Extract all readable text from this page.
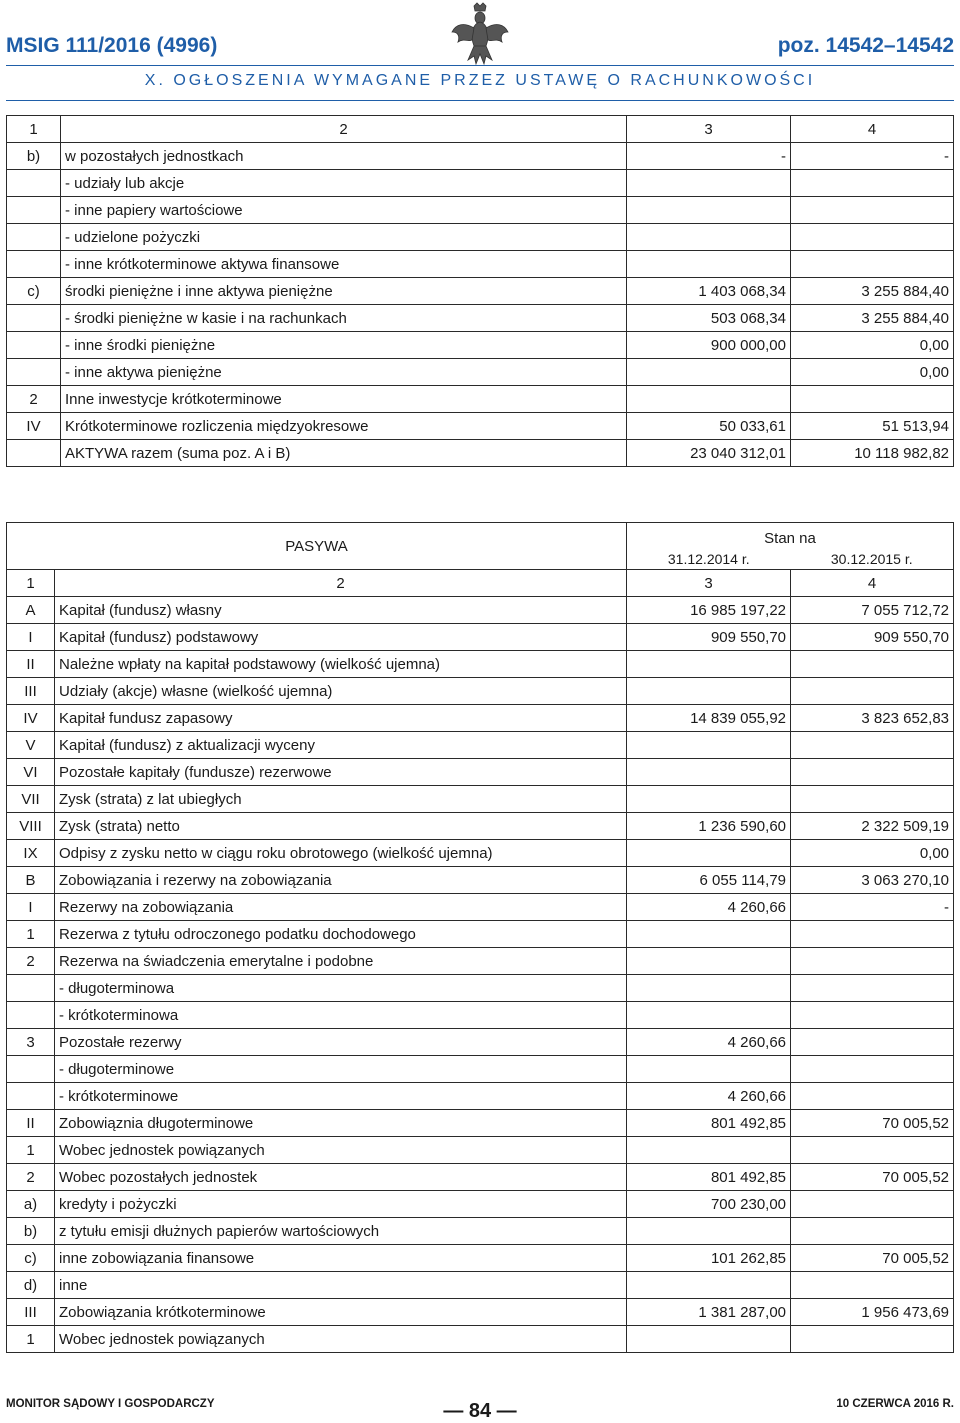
MSIG 111/2016 (4996)	poz. 14542–14542
X. OGŁOSZENIA WYMAGANE PRZEZ USTAWĘ O RACHUNKOWOŚCI
1	2	3	4
b)	w pozostałych jednostkach	-	-
	- udziały lub akcje		
	- inne papiery wartościowe		
	- udzielone pożyczki		
	- inne krótkoterminowe aktywa finansowe		
c)	środki pieniężne i inne aktywa pieniężne	1 403 068,34	3 255 884,40
	- środki pieniężne w kasie i na rachunkach	503 068,34	3 255 884,40
	- inne środki pieniężne	900 000,00	0,00
	- inne aktywa pieniężne		0,00
2	Inne inwestycje krótkoterminowe		
IV	Krótkoterminowe rozliczenia międzyokresowe	50 033,61	51 513,94
	AKTYWA razem (suma poz. A i B)	23 040 312,01	10 118 982,82
PASYWA		Stan na	
		31.12.2014 r.	30.12.2015 r.
1	2	3	4
A	Kapitał (fundusz) własny	16 985 197,22	7 055 712,72
I	Kapitał (fundusz) podstawowy	909 550,70	909 550,70
II	Należne wpłaty na kapitał podstawowy (wielkość ujemna)		
III	Udziały (akcje) własne (wielkość ujemna)		
IV	Kapitał fundusz zapasowy	14 839 055,92	3 823 652,83
V	Kapitał (fundusz) z aktualizacji wyceny		
VI	Pozostałe kapitały (fundusze) rezerwowe		
VII	Zysk (strata) z lat ubiegłych		
VIII	Zysk (strata) netto	1 236 590,60	2 322 509,19
IX	Odpisy z zysku netto w ciągu roku obrotowego (wielkość ujemna)		0,00
B	Zobowiązania i rezerwy na zobowiązania	6 055 114,79	3 063 270,10
I	Rezerwy na zobowiązania	4 260,66	-
1	Rezerwa z tytułu odroczonego podatku dochodowego		
2	Rezerwa na świadczenia emerytalne i podobne		
	- długoterminowa		
	- krótkoterminowa		
3	Pozostałe rezerwy	4 260,66	
	- długoterminowe		
	- krótkoterminowe	4 260,66	
II	Zobowiąznia długoterminowe	801 492,85	70 005,52
1	Wobec jednostek powiązanych		
2	Wobec pozostałych jednostek	801 492,85	70 005,52
a)	kredyty i pożyczki	700 230,00	
b)	z tytułu emisji dłużnych papierów wartościowych		
c)	inne zobowiązania finansowe	101 262,85	70 005,52
d)	inne		
III	Zobowiązania krótkoterminowe	1 381 287,00	1 956 473,69
1	Wobec jednostek powiązanych		
MONITOR SĄDOWY I GOSPODARCZY	— 84 —	10 CZERWCA 2016 R.
